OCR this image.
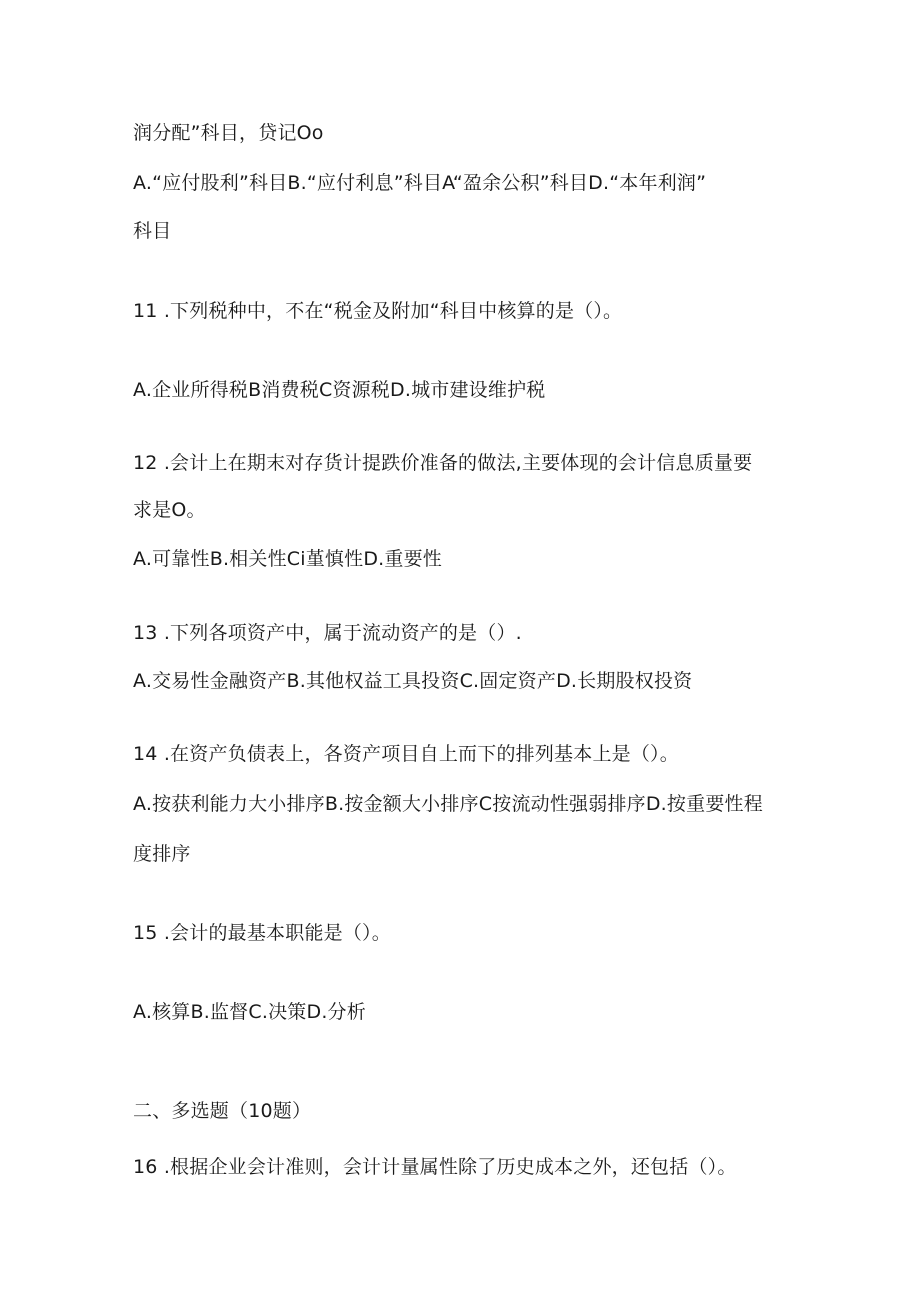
润分配”科目，贷记Oo
A.“应付股利”科目B.“应付利息”科目A“盈余公积”科目D.“本年利润”
科目
11 .下列税种中，不在“税金及附加“科目中核算的是（）。
A.企业所得税B消费税C资源税D.城市建设维护税
12 .会计上在期末对存货计提跌价准备的做法,主要体现的会计信息质量要
求是O。
A.可靠性B.相关性Ci堇慎性D.重要性
13 .下列各项资产中，属于流动资产的是（）.
A.交易性金融资产B.其他权益工具投资C.固定资产D.长期股权投资
14 .在资产负债表上，各资产项目自上而下的排列基本上是（）。
A.按获利能力大小排序B.按金额大小排序C按流动性强弱排序D.按重要性程
度排序
15 .会计的最基本职能是（）。
A.核算B.监督C.决策D.分析
二、多选题（10题）
16 .根据企业会计准则，会计计量属性除了历史成本之外，还包括（）。
